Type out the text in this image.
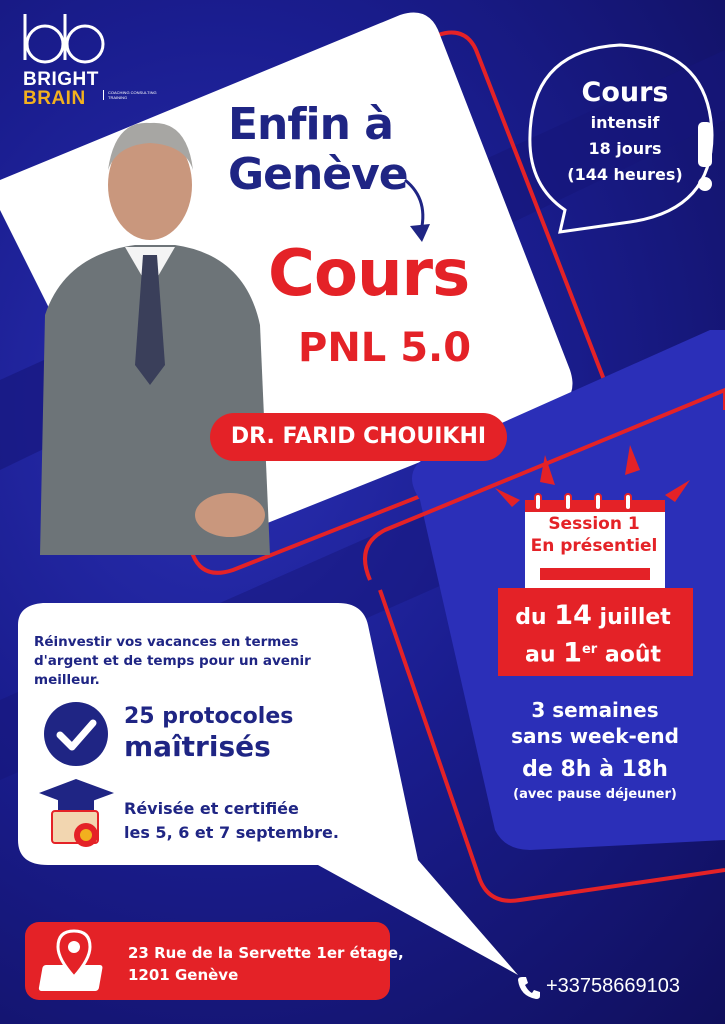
BRIGHT
BRAIN	COACHING CONSULTING TRAINING
Enfin à
Genève
Cours
PNL 5.0
DR. FARID CHOUIKHI
Cours
intensif
18 jours
(144 heures)
Session 1
En présentiel
du 14 juillet
au 1er août
3 semaines
sans week-end
de 8h à 18h
(avec pause déjeuner)
Réinvestir vos vacances en termes d'argent et de temps pour un avenir meilleur.
25 protocoles
maîtrisés
Révisée et certifiée
les 5, 6 et 7 septembre.
23 Rue de la Servette 1er étage,
1201 Genève	+33758669103
